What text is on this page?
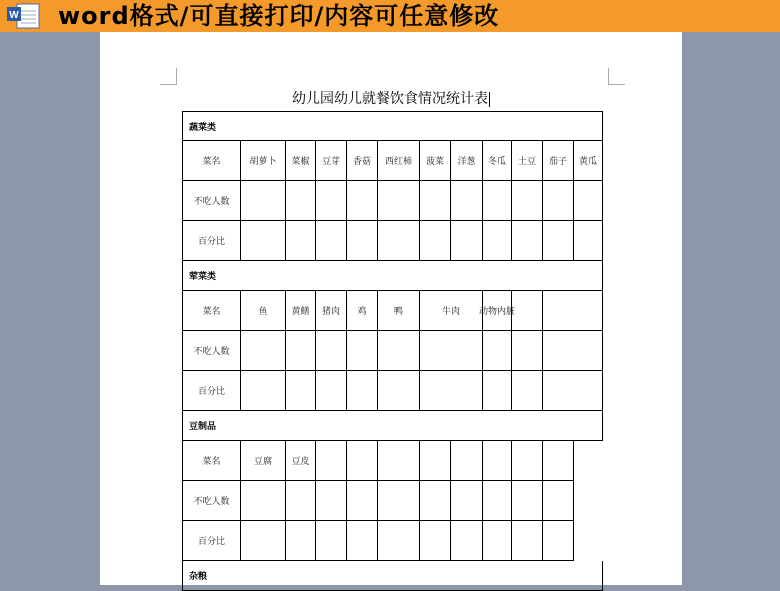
W word格式/可直接打印/内容可任意修改
幼儿园幼儿就餐饮食情况统计表
蔬菜类
菜名	胡萝卜	菜椒	豆芽	香菇	西红柿	菠菜	洋葱	冬瓜	土豆	茄子	黄瓜
不吃人数
百分比
荤菜类
菜名	鱼	黄鳝	猪肉	鸡	鸭	牛肉	动物内脏
不吃人数
百分比
豆制品
菜名	豆腐	豆皮
不吃人数
百分比
杂粮
